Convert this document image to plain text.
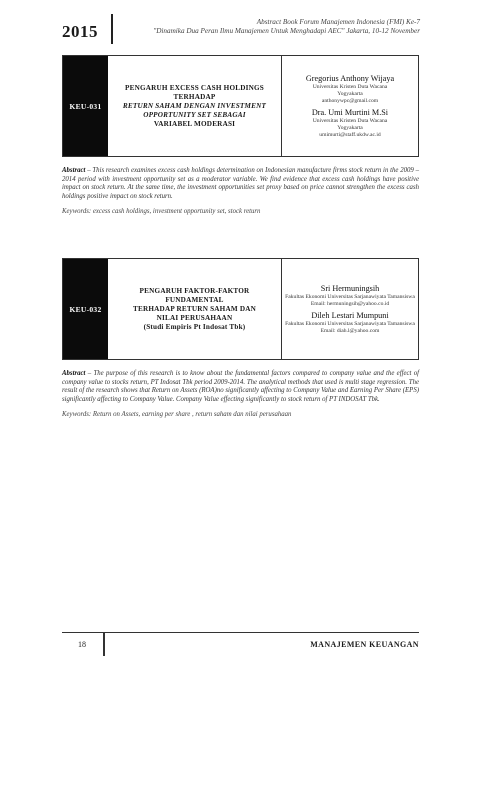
2015	Abstract Book Forum Manajemen Indonesia (FMI) Ke-7
"Dinamika Dua Peran Ilmu Manajemen Untuk Menghadapi AEC" Jakarta, 10-12 November
KEU-031
PENGARUH EXCESS CASH HOLDINGS TERHADAP
RETURN SAHAM DENGAN INVESTMENT
OPPORTUNITY SET SEBAGAI
VARIABEL MODERASI
Gregorius Anthony Wijaya
Universitas Kristen Duta Wacana
Yogyakarta
anthonywpc@gmail.com
Dra. Umi Murtini M.Si
Universitas Kristen Duta Wacana
Yogyakarta
umimurti@staff.ukdw.ac.id
Abstract – This research examines excess cash holdings determination on Indonesian manufacture firms stock return in the 2009 – 2014 period with investment opportunity set as a moderator variable. We find evidence that excess cash holdings have positive impact on stock return. At the same time, the investment opportunities set proxy based on price cannot strengthen the excess cash holdings positive impact on stock return.
Keywords: excess cash holdings, investment opportunity set, stock return
KEU-032
PENGARUH FAKTOR-FAKTOR FUNDAMENTAL
TERHADAP RETURN SAHAM DAN
NILAI PERUSAHAAN
(Studi Empiris Pt Indosat Tbk)
Sri Hermuningsih
Fakultas Ekonomi Universitas Sarjanawiyata Tamansiswa
Email: hermuningsih@yahoo.co.id
Dileh Lestari Mumpuni
Fakultas Ekonomi Universitas Sarjanawiyata Tamansiswa
Email: diah.l@yahoo.com
Abstract – The purpose of this research is to know about the fundamental factors compared to company value and the effect of company value to stocks return, PT Indosat Tbk period 2009-2014. The analytical methods that used is multi stage regression. The result of the research shows that Return on Assets (ROA)no significantly affecting to Company Value and Earning Per Share (EPS) significantly affecting to Company Value. Company Value effecting significantly to stock return of PT INDOSAT Tbk.
Keywords: Return on Assets, earning per share , return saham dan nilai perusahaan
18	MANAJEMEN KEUANGAN
